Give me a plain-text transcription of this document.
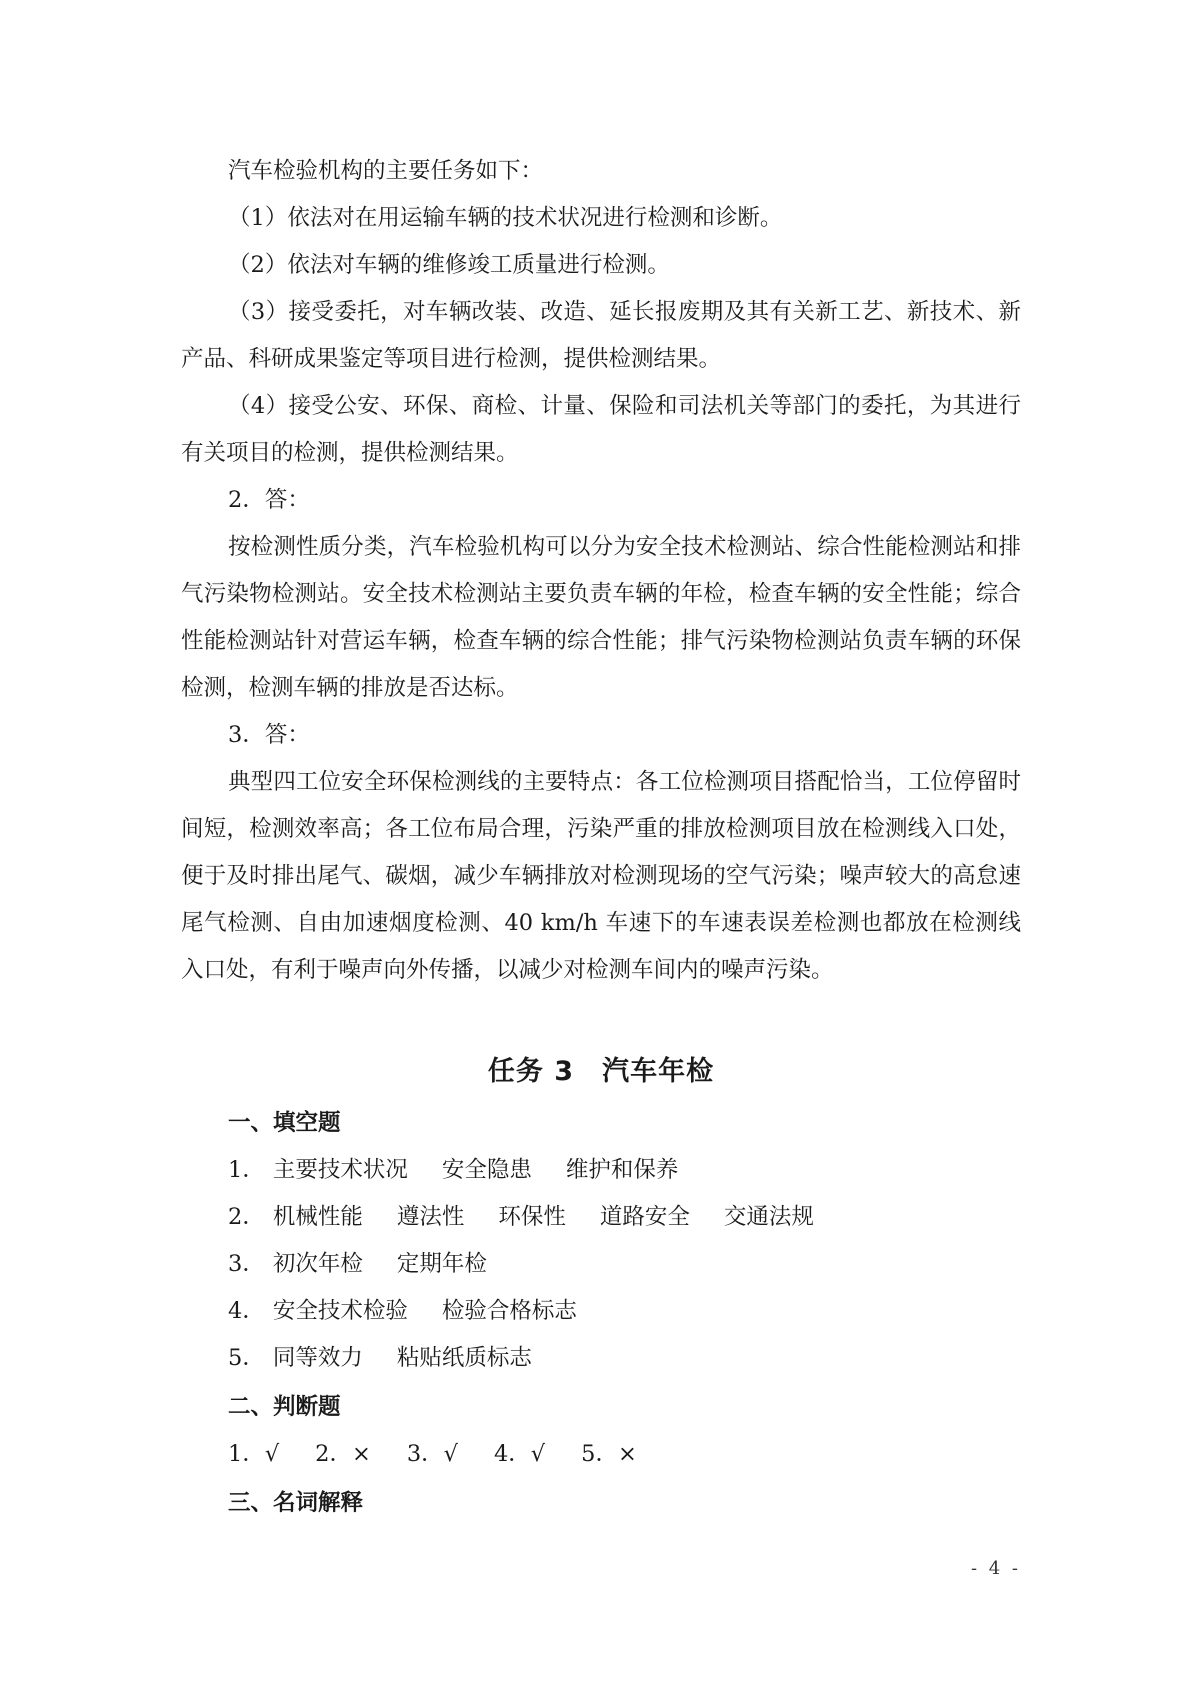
汽车检验机构的主要任务如下：

（1）依法对在用运输车辆的技术状况进行检测和诊断。

（2）依法对车辆的维修竣工质量进行检测。

（3）接受委托，对车辆改装、改造、延长报废期及其有关新工艺、新技术、新产品、科研成果鉴定等项目进行检测，提供检测结果。

（4）接受公安、环保、商检、计量、保险和司法机关等部门的委托，为其进行有关项目的检测，提供检测结果。

2．答：

按检测性质分类，汽车检验机构可以分为安全技术检测站、综合性能检测站和排气污染物检测站。安全技术检测站主要负责车辆的年检，检查车辆的安全性能；综合性能检测站针对营运车辆，检查车辆的综合性能；排气污染物检测站负责车辆的环保检测，检测车辆的排放是否达标。

3．答：

典型四工位安全环保检测线的主要特点：各工位检测项目搭配恰当，工位停留时间短，检测效率高；各工位布局合理，污染严重的排放检测项目放在检测线入口处，便于及时排出尾气、碳烟，减少车辆排放对检测现场的空气污染；噪声较大的高怠速尾气检测、自由加速烟度检测、40 km/h 车速下的车速表误差检测也都放在检测线入口处，有利于噪声向外传播，以减少对检测车间内的噪声污染。

任务 3　汽车年检
一、填空题
1． 主要技术状况 安全隐患 维护和保养
2． 机械性能 遵法性 环保性 道路安全 交通法规
3． 初次年检 定期年检
4． 安全技术检验 检验合格标志
5． 同等效力 粘贴纸质标志
二、判断题
1．√ 2．× 3．√ 4．√ 5．×
三、名词解释
- 4 -
